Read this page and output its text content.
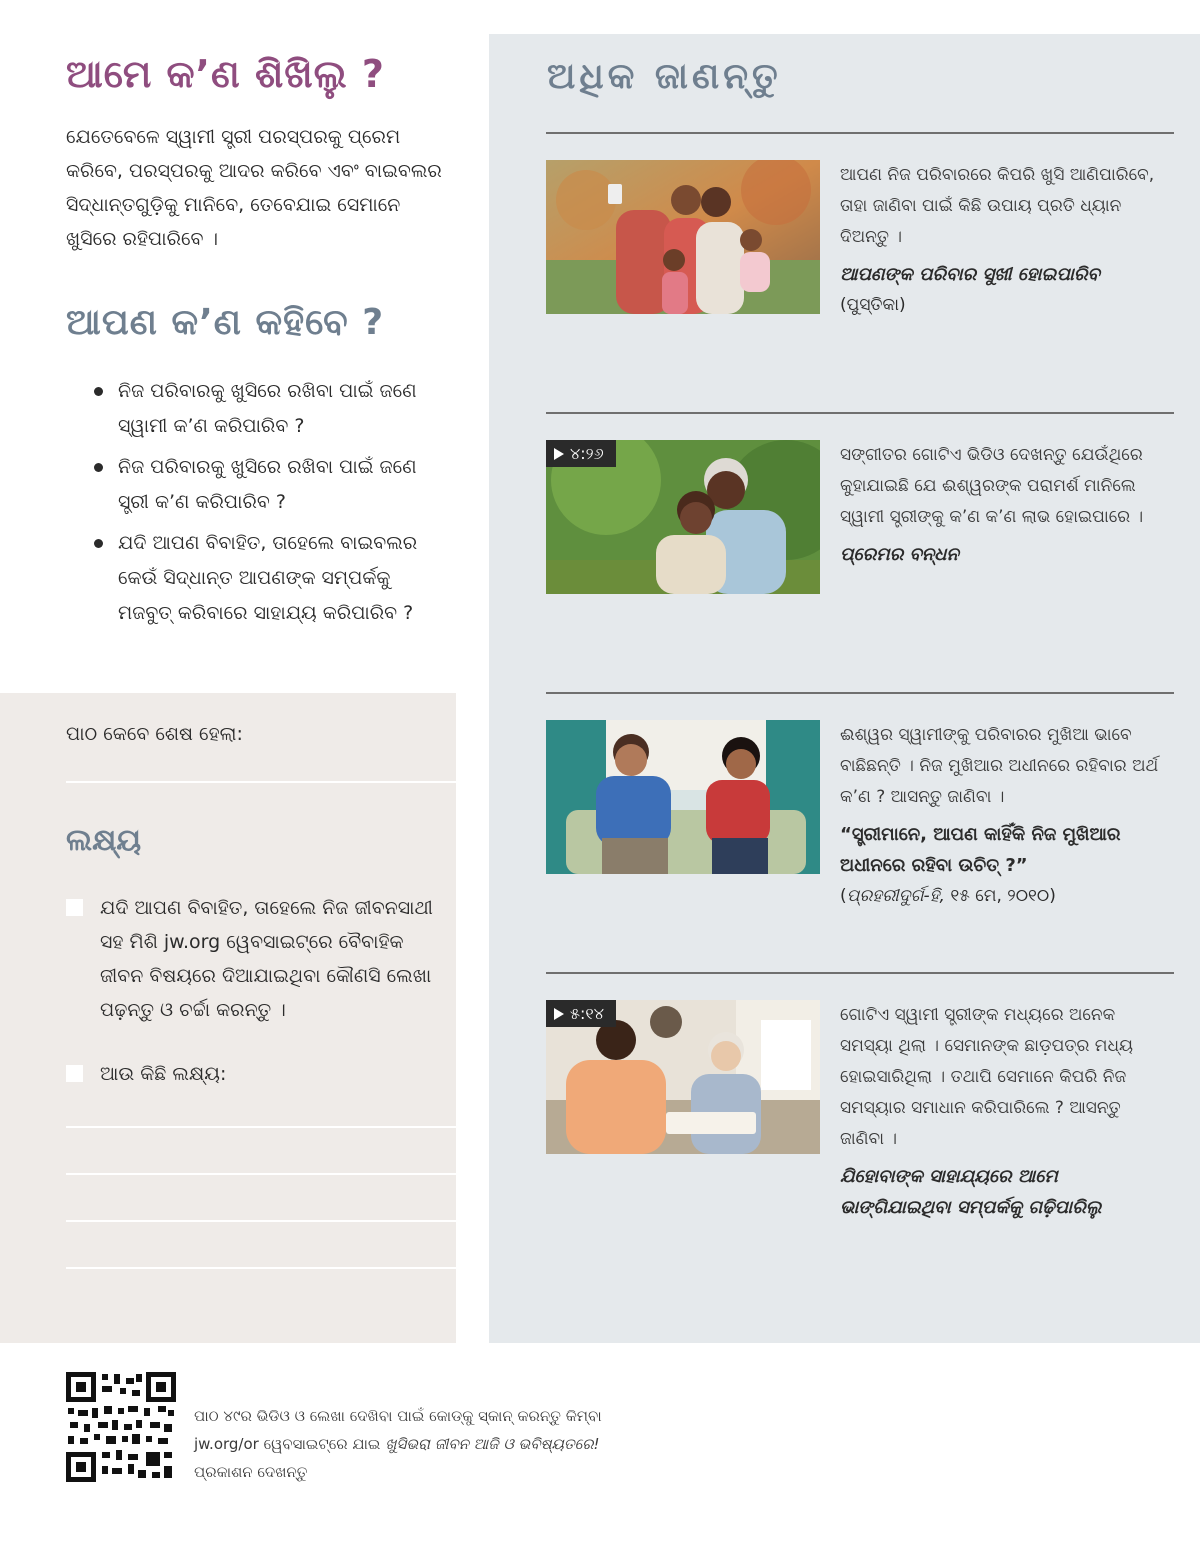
ଆମେ କ’ଣ ଶିଖିଲୁ ?

ଯେତେବେଳେ ସ୍ୱାମୀ ସ୍ତ୍ରୀ ପରସ୍ପରକୁ ପ୍ରେମ କରିବେ, ପରସ୍ପରକୁ ଆଦର କରିବେ ଏବଂ ବାଇବଲର ସିଦ୍ଧାନ୍ତଗୁଡ଼ିକୁ ମାନିବେ, ତେବେଯାଇ ସେମାନେ ଖୁସିରେ ରହିପାରିବେ ।

ଆପଣ କ’ଣ କହିବେ ?
ନିଜ ପରିବାରକୁ ଖୁସିରେ ରଖିବା ପାଇଁ ଜଣେ ସ୍ୱାମୀ କ’ଣ କରିପାରିବ ?
ନିଜ ପରିବାରକୁ ଖୁସିରେ ରଖିବା ପାଇଁ ଜଣେ ସ୍ତ୍ରୀ କ’ଣ କରିପାରିବ ?
ଯଦି ଆପଣ ବିବାହିତ, ତାହେଲେ ବାଇବଲର କେଉଁ ସିଦ୍ଧାନ୍ତ ଆପଣଙ୍କ ସମ୍ପର୍କକୁ ମଜବୁତ୍‌ କରିବାରେ ସାହାଯ୍ୟ କରିପାରିବ ?
ପାଠ କେବେ ଶେଷ ହେଲା:
ଲକ୍ଷ୍ୟ
ଯଦି ଆପଣ ବିବାହିତ, ତାହେଲେ ନିଜ ଜୀବନସାଥୀ ସହ ମିଶି jw.org ୱେବସାଇଟ୍‌ରେ ବୈବାହିକ ଜୀବନ ବିଷୟରେ ଦିଆଯାଇଥିବା କୌଣସି ଲେଖା ପଢ଼ନ୍ତୁ ଓ ଚର୍ଚ୍ଚା କରନ୍ତୁ ।
ଆଉ କିଛି ଲକ୍ଷ୍ୟ:
ଅଧିକ ଜାଣନ୍ତୁ
ଆପଣ ନିଜ ପରିବାରରେ କିପରି ଖୁସି ଆଣିପାରିବେ, ତାହା ଜାଣିବା ପାଇଁ କିଛି ଉପାୟ ପ୍ରତି ଧ୍ୟାନ ଦିଅନ୍ତୁ ।
ଆପଣଙ୍କ ପରିବାର ସୁଖୀ ହୋଇପାରିବ
(ପୁସ୍ତିକା)
୪:୨୬	ସଙ୍ଗୀତର ଗୋଟିଏ ଭିଡିଓ ଦେଖନ୍ତୁ ଯେଉଁଥିରେ କୁହାଯାଇଛି ଯେ ଈଶ୍ୱରଙ୍କ ପରାମର୍ଶ ମାନିଲେ ସ୍ୱାମୀ ସ୍ତ୍ରୀଙ୍କୁ କ’ଣ କ’ଣ ଲାଭ ହୋଇପାରେ ।
ପ୍ରେମର ବନ୍ଧନ
ଈଶ୍ୱର ସ୍ୱାମୀଙ୍କୁ ପରିବାରର ମୁଖିଆ ଭାବେ ବାଛିଛନ୍ତି । ନିଜ ମୁଖିଆର ଅଧୀନରେ ରହିବାର ଅର୍ଥ କ’ଣ ? ଆସନ୍ତୁ ଜାଣିବା ।
“ସ୍ତ୍ରୀମାନେ, ଆପଣ କାହିଁକି ନିଜ ମୁଖିଆର ଅଧୀନରେ ରହିବା ଉଚିତ୍‌ ?”
(ପ୍ରହରୀଦୁର୍ଗ-ହି, ୧୫ ମେ, ୨୦୧୦)
୫:୧୪	ଗୋଟିଏ ସ୍ୱାମୀ ସ୍ତ୍ରୀଙ୍କ ମଧ୍ୟରେ ଅନେକ ସମସ୍ୟା ଥିଲା । ସେମାନଙ୍କ ଛାଡ଼ପତ୍ର ମଧ୍ୟ ହୋଇସାରିଥିଲା । ତଥାପି ସେମାନେ କିପରି ନିଜ ସମସ୍ୟାର ସମାଧାନ କରିପାରିଲେ ? ଆସନ୍ତୁ ଜାଣିବା ।
ଯିହୋବାଙ୍କ ସାହାଯ୍ୟରେ ଆମେ ଭାଙ୍ଗିଯାଇଥିବା ସମ୍ପର୍କକୁ ଗଢ଼ିପାରିଲୁ
ପାଠ ୪୯ର ଭିଡିଓ ଓ ଲେଖା ଦେଖିବା ପାଇଁ କୋଡ୍‌କୁ ସ୍କାନ୍‌ କରନ୍ତୁ କିମ୍ବା jw.org/or ୱେବସାଇଟ୍‌ରେ ଯାଇ ଖୁସିଭରା ଜୀବନ ଆଜି ଓ ଭବିଷ୍ୟତରେ! ପ୍ରକାଶନ ଦେଖନ୍ତୁ
